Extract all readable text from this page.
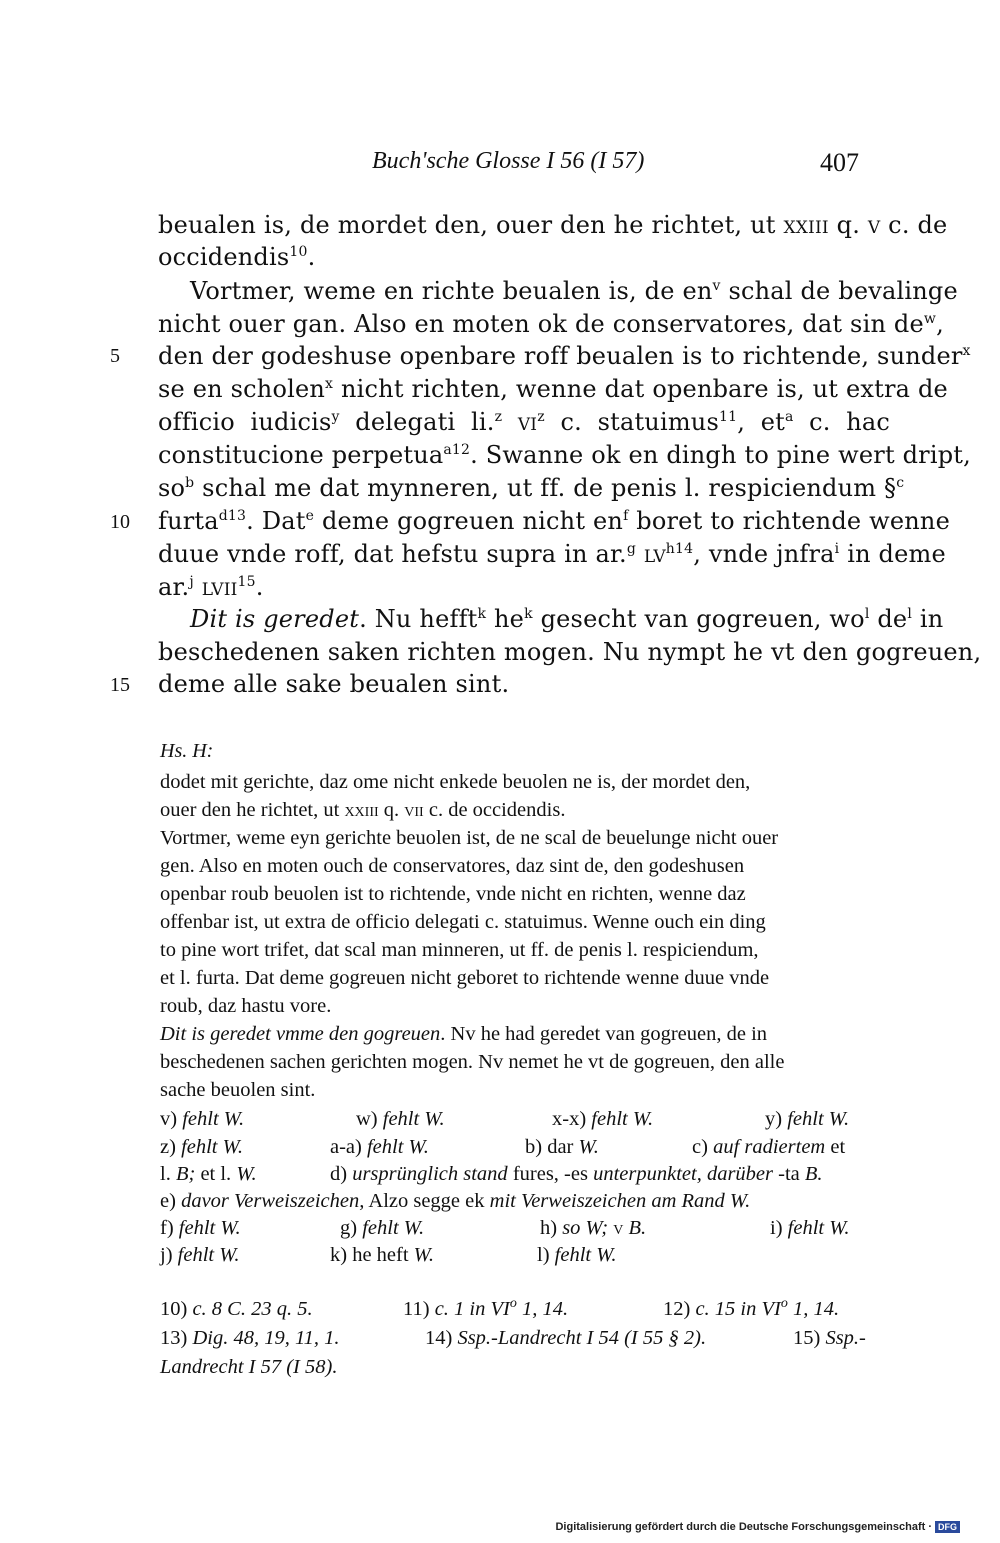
Buch'sche Glosse I 56 (I 57)	407
beualen is, de mordet den, ouer den he richtet, ut xxiii q. v c. de
occidendis$^{10}$.
Vortmer, weme en richte beualen is, de $en^v$ schal de bevalinge
nicht ouer gan. Also en moten ok de conservatores, dat $\sin de^w$,
5 den der godeshuse openbare roff beualen is to richtende, sunder$^x$
se en scholen$^x$ nicht richten, wenne dat openbare is, ut extra de
officio  iudicis$^y$  delegati  li.$^z$ $vi^z$  c.  statuimus$^{11}$,  $et^a$  c.  hac
constitucione perpetua$^{a12}$. Swanne ok en dingh to pine wert dript,
$so^b$ schal me dat mynneren, ut ff. de penis l. respiciendum §$^c$
10 furta$^{d13}$. Dat$^e$ deme gogreuen nicht $en^f$ boret to richtende wenne
duue vnde roff, dat hefstu supra in ar.$^g$ $lv^{h14}$, vnde jnfra$^i$ in deme
ar.$^j$ lvii$^{15}$.
Dit is geredet. Nu hefft$^k$ $he^k$ gesecht van gogreuen, $wo^l$ $de^l$ in
beschedenen saken richten mogen. Nu nympt he vt den gogreuen,
15 deme alle sake beualen sint.
Hs. H:
dodet mit gerichte, daz ome nicht enkede beuolen ne is, der mordet den,
ouer den he richtet, ut xxiii q. vii c. de occidendis.
Vortmer, weme eyn gerichte beuolen ist, de ne scal de beuelunge nicht ouer
gen. Also en moten ouch de conservatores, daz sint de, den godeshusen
openbar roub beuolen ist to richtende, vnde nicht en richten, wenne daz
offenbar ist, ut extra de officio delegati c. statuimus. Wenne ouch ein ding
to pine wort trifet, dat scal man minneren, ut ff. de penis l. respiciendum,
et l. furta. Dat deme gogreuen nicht geboret to richtende wenne duue vnde
roub, daz hastu vore.
Dit is geredet vmme den gogreuen. Nv he had geredet van gogreuen, de in
beschedenen sachen gerichten mogen. Nv nemet he vt de gogreuen, den alle
sache beuolen sint.
v) fehlt W.	w) fehlt W.	x-x) fehlt W.	y) fehlt W.
z) fehlt W.	a-a) fehlt W.	b) dar W.	c) auf radiertem et
l. B; et l. W.	d) ursprünglich stand fures, -es unterpunktet, darüber -ta B.
e) davor Verweiszeichen, Alzo segge ek mit Verweiszeichen am Rand W.
f) fehlt W.	g) fehlt W.	h) so W; v B.	i) fehlt W.
j) fehlt W.	k) he heft W.	l) fehlt W.
10) c. 8 C. 23 q. 5.	11) c. 1 in $VI^o$ 1, 14.	12) c. 15 in $VI^o$ 1, 14.
13) Dig. 48, 19, 11, 1.	14) Ssp.-Landrecht I 54 (I 55 § 2).	15) Ssp.-
Landrecht I 57 (I 58).
Digitalisierung gefördert durch die Deutsche Forschungsgemeinschaft · DFG
